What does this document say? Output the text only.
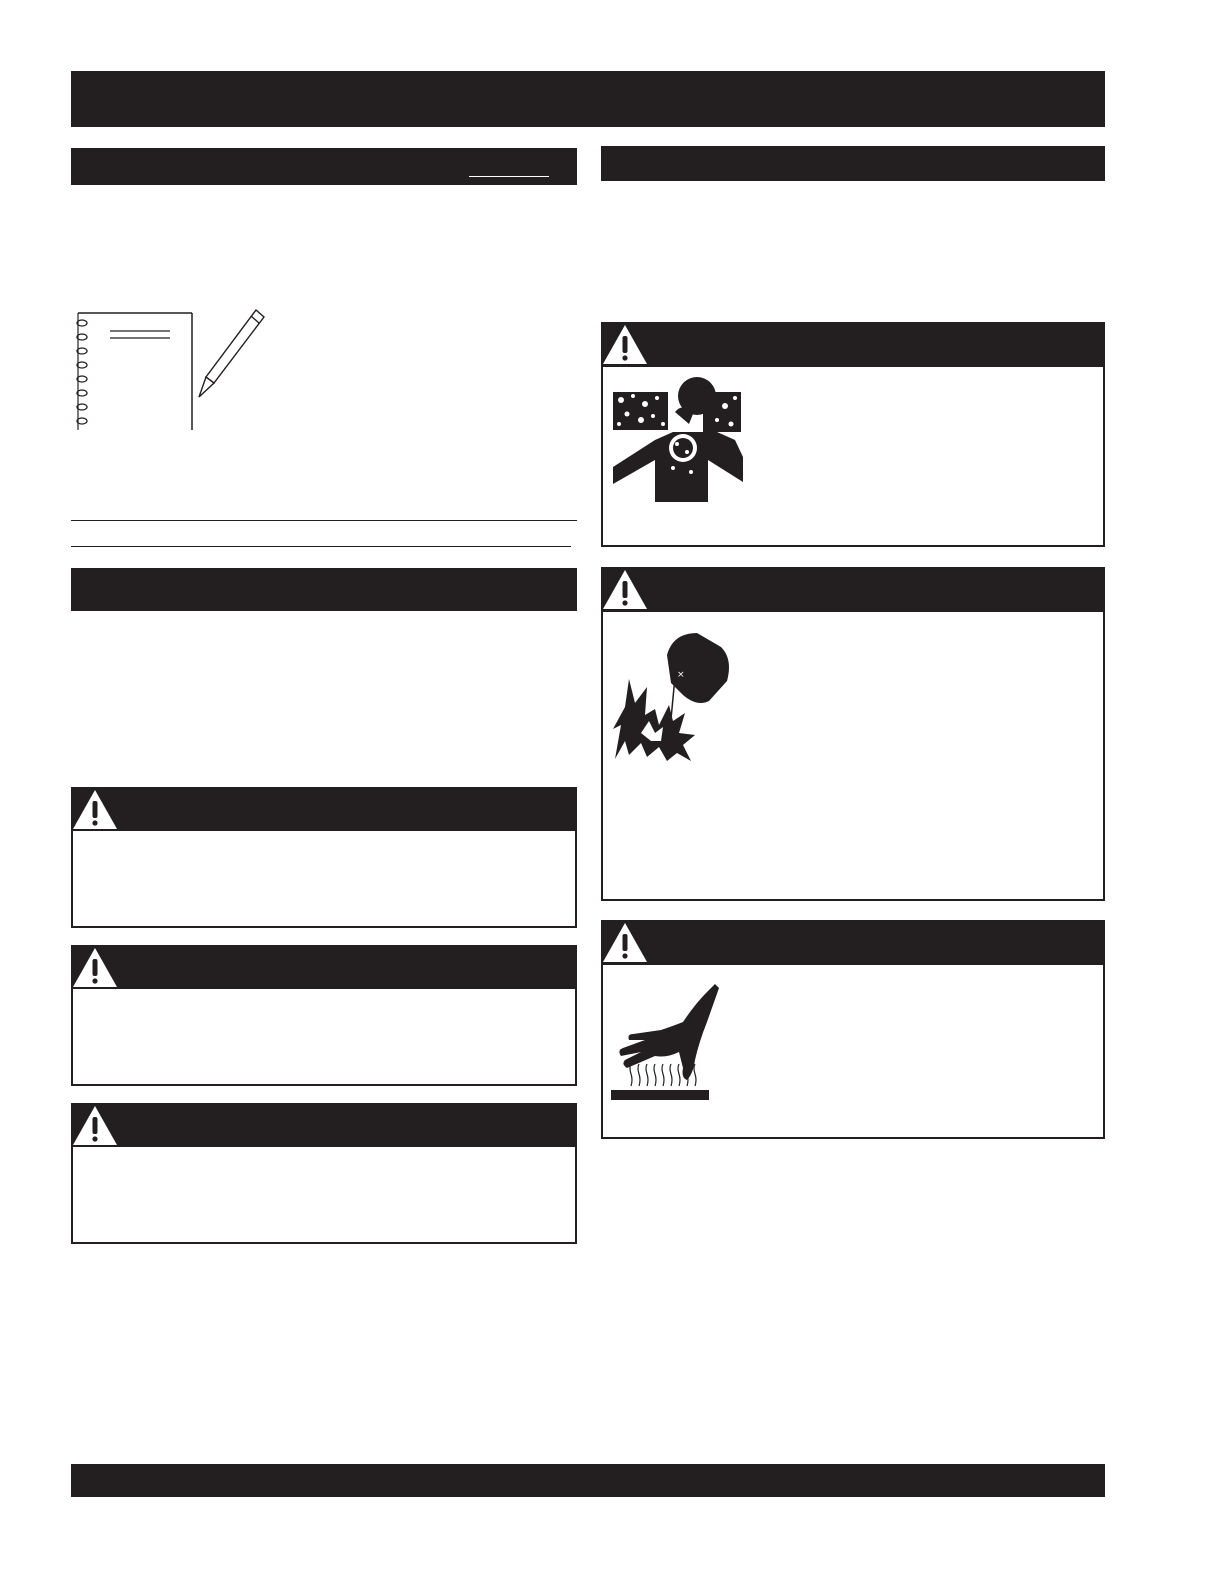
×
